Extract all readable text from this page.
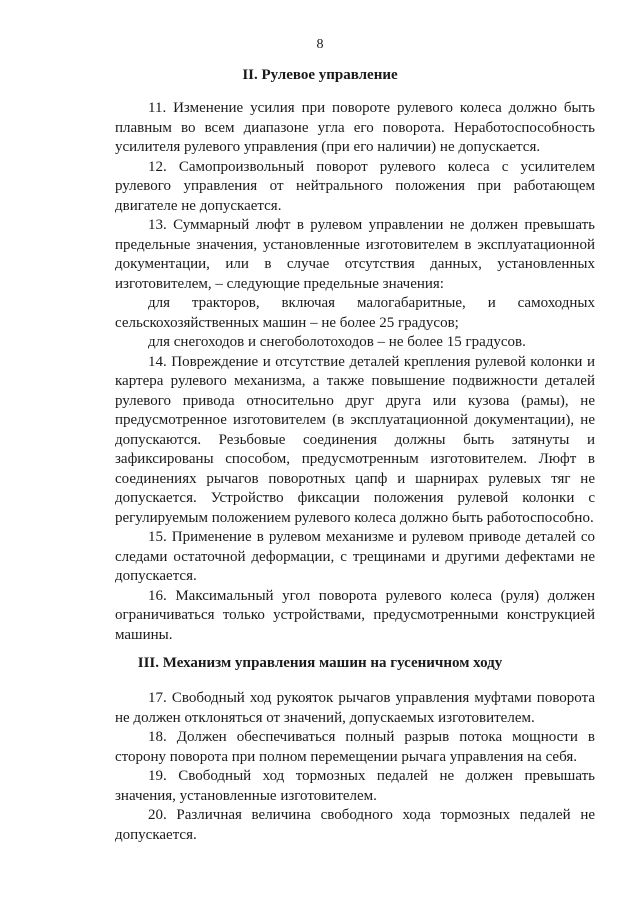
8
II. Рулевое управление

11. Изменение усилия при повороте рулевого колеса должно быть плавным во всем диапазоне угла его поворота. Неработоспособность усилителя рулевого управления (при его наличии) не допускается.

12. Самопроизвольный поворот рулевого колеса с усилителем рулевого управления от нейтрального положения при работающем двигателе не допускается.

13. Суммарный люфт в рулевом управлении не должен превышать предельные значения, установленные изготовителем в эксплуатационной документации, или в случае отсутствия данных, установленных изготовителем, – следующие предельные значения:

для тракторов, включая малогабаритные, и самоходных

сельскохозяйственных машин – не более 25 градусов;

для снегоходов и снегоболотоходов – не более 15 градусов.

14. Повреждение и отсутствие деталей крепления рулевой колонки и картера рулевого механизма, а также повышение подвижности деталей рулевого привода относительно друг друга или кузова (рамы), не предусмотренное изготовителем (в эксплуатационной документации), не допускаются. Резьбовые соединения должны быть затянуты и зафиксированы способом, предусмотренным изготовителем. Люфт в соединениях рычагов поворотных цапф и шарнирах рулевых тяг не допускается. Устройство фиксации положения рулевой колонки с регулируемым положением рулевого колеса должно быть работоспособно.

15. Применение в рулевом механизме и рулевом приводе деталей со следами остаточной деформации, с трещинами и другими дефектами не допускается.

16. Максимальный угол поворота рулевого колеса (руля) должен ограничиваться только устройствами, предусмотренными конструкцией машины.

III. Механизм управления машин на гусеничном ходу

17. Свободный ход рукояток рычагов управления муфтами поворота не должен отклоняться от значений, допускаемых изготовителем.

18. Должен обеспечиваться полный разрыв потока мощности в сторону поворота при полном перемещении рычага управления на себя.

19. Свободный ход тормозных педалей не должен превышать значения, установленные изготовителем.

20. Различная величина свободного хода тормозных педалей не допускается.
